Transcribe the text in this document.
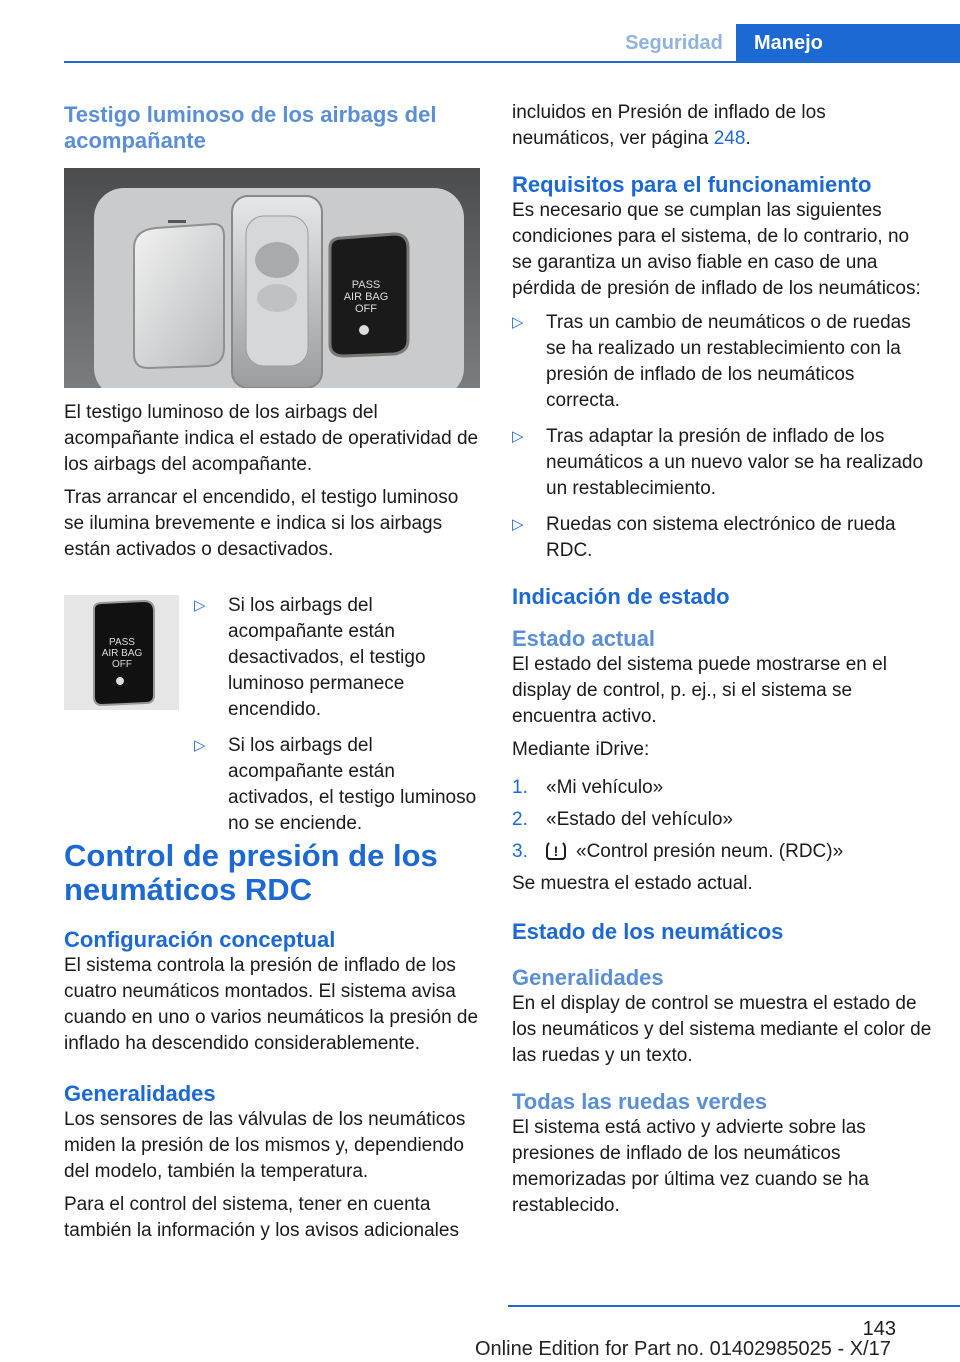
Seguridad	Manejo
Testigo luminoso de los airbags del acompañante
PASS
AIR BAG
OFF

El testigo luminoso de los airbags del acompañante indica el estado de operatividad de los airbags del acompañante.

Tras arrancar el encendido, el testigo luminoso se ilumina brevemente e indica si los airbags están activados o desactivados.

PASS
AIR BAG
OFF
▷ Si los airbags del acompañante están desactivados, el testigo luminoso permanece encendido.
▷ Si los airbags del acompañante están activados, el testigo luminoso no se enciende.
Control de presión de los neumáticos RDC
Configuración conceptual

El sistema controla la presión de inflado de los cuatro neumáticos montados. El sistema avisa cuando en uno o varios neumáticos la presión de inflado ha descendido considerablemente.

Generalidades

Los sensores de las válvulas de los neumáticos miden la presión de los mismos y, dependiendo del modelo, también la temperatura.

Para el control del sistema, tener en cuenta también la información y los avisos adicionales

incluidos en Presión de inflado de los neumáticos, ver página 248.

Requisitos para el funcionamiento

Es necesario que se cumplan las siguientes condiciones para el sistema, de lo contrario, no se garantiza un aviso fiable en caso de una pérdida de presión de inflado de los neumáticos:

▷ Tras un cambio de neumáticos o de ruedas se ha realizado un restablecimiento con la presión de inflado de los neumáticos correcta.
▷ Tras adaptar la presión de inflado de los neumáticos a un nuevo valor se ha realizado un restablecimiento.
▷ Ruedas con sistema electrónico de rueda RDC.
Indicación de estado
Estado actual

El estado del sistema puede mostrarse en el display de control, p. ej., si el sistema se encuentra activo.

Mediante iDrive:

1. «Mi vehículo»
2. «Estado del vehículo»
3.
!	«Control presión neum. (RDC)»

Se muestra el estado actual.

Estado de los neumáticos
Generalidades

En el display de control se muestra el estado de los neumáticos y del sistema mediante el color de las ruedas y un texto.

Todas las ruedas verdes

El sistema está activo y advierte sobre las presiones de inflado de los neumáticos memorizadas por última vez cuando se ha restablecido.

143
Online Edition for Part no. 01402985025 - X/17
